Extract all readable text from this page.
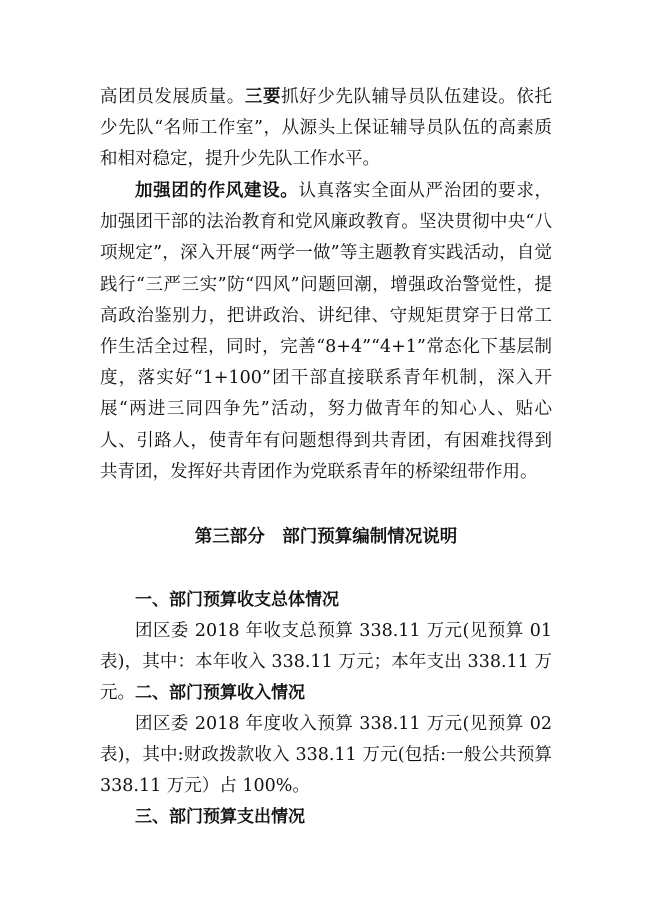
高团员发展质量。三要抓好少先队辅导员队伍建设。依托少先队“名师工作室”，从源头上保证辅导员队伍的高素质和相对稳定，提升少先队工作水平。

加强团的作风建设。认真落实全面从严治团的要求，加强团干部的法治教育和党风廉政教育。坚决贯彻中央“八项规定”，深入开展“两学一做”等主题教育实践活动，自觉践行“三严三实”防“四风”问题回潮，增强政治警觉性，提高政治鉴别力，把讲政治、讲纪律、守规矩贯穿于日常工作生活全过程，同时，完善“8+4”“4+1”常态化下基层制度，落实好“1+100”团干部直接联系青年机制，深入开展“两进三同四争先”活动，努力做青年的知心人、贴心人、引路人，使青年有问题想得到共青团，有困难找得到共青团，发挥好共青团作为党联系青年的桥梁纽带作用。

第三部分　部门预算编制情况说明
一、部门预算收支总体情况

团区委 2018 年收支总预算 338.11 万元(见预算 01 表)，其中：本年收入 338.11 万元；本年支出 338.11 万元。 二、部门预算收入情况

团区委 2018 年度收入预算 338.11 万元(见预算 02 表)，其中:财政拨款收入 338.11 万元(包括:一般公共预算 338.11 万元）占 100%。

三、部门预算支出情况
